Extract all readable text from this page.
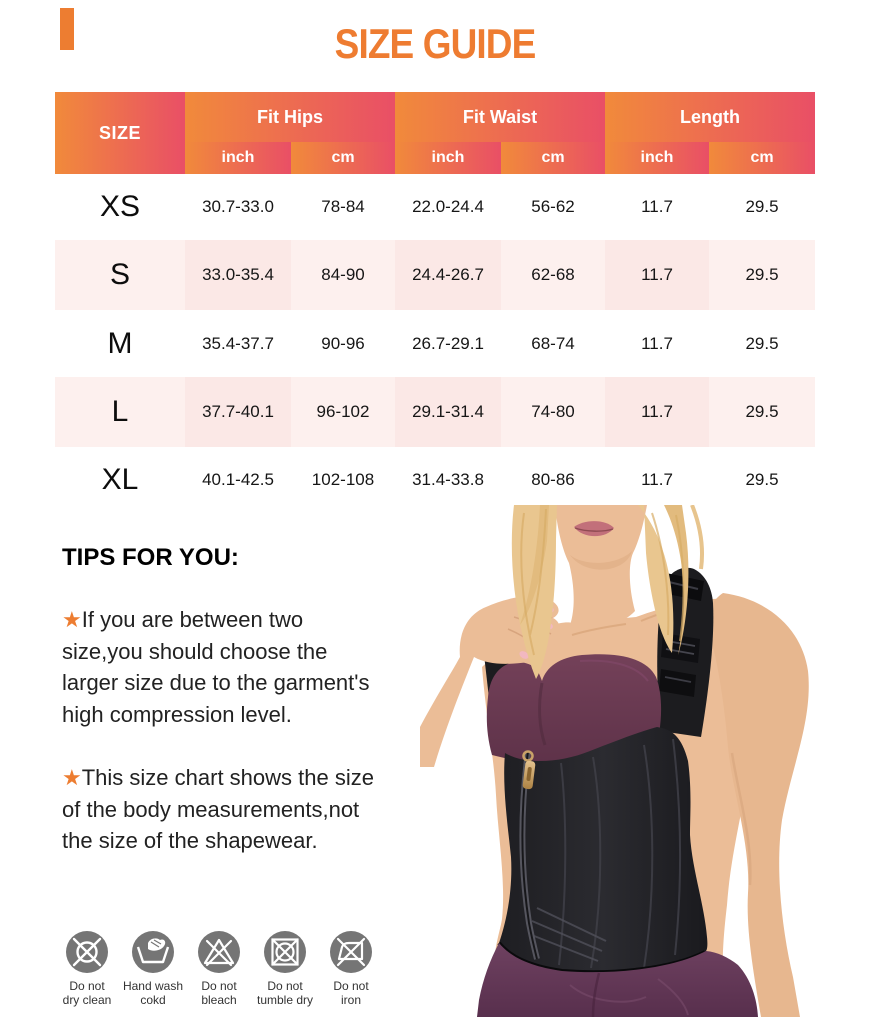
SIZE GUIDE
SIZE
Fit Hips	Fit Waist	Length
inch	cm	inch	cm	inch	cm
XS	30.7-33.0	78-84	22.0-24.4	56-62	11.7	29.5
S	33.0-35.4	84-90	24.4-26.7	62-68	11.7	29.5
M	35.4-37.7	90-96	26.7-29.1	68-74	11.7	29.5
L	37.7-40.1	96-102	29.1-31.4	74-80	11.7	29.5
XL	40.1-42.5	102-108	31.4-33.8	80-86	11.7	29.5
TIPS FOR YOU:
★If you are between two
size,you should choose the
larger size due to the garment's
high compression level.
★This size chart shows the size
of the body measurements,not
the size of the shapewear.
Do not
dry clean
Hand wash
cokd
Do not
bleach
Do not
tumble dry
Do not
iron
